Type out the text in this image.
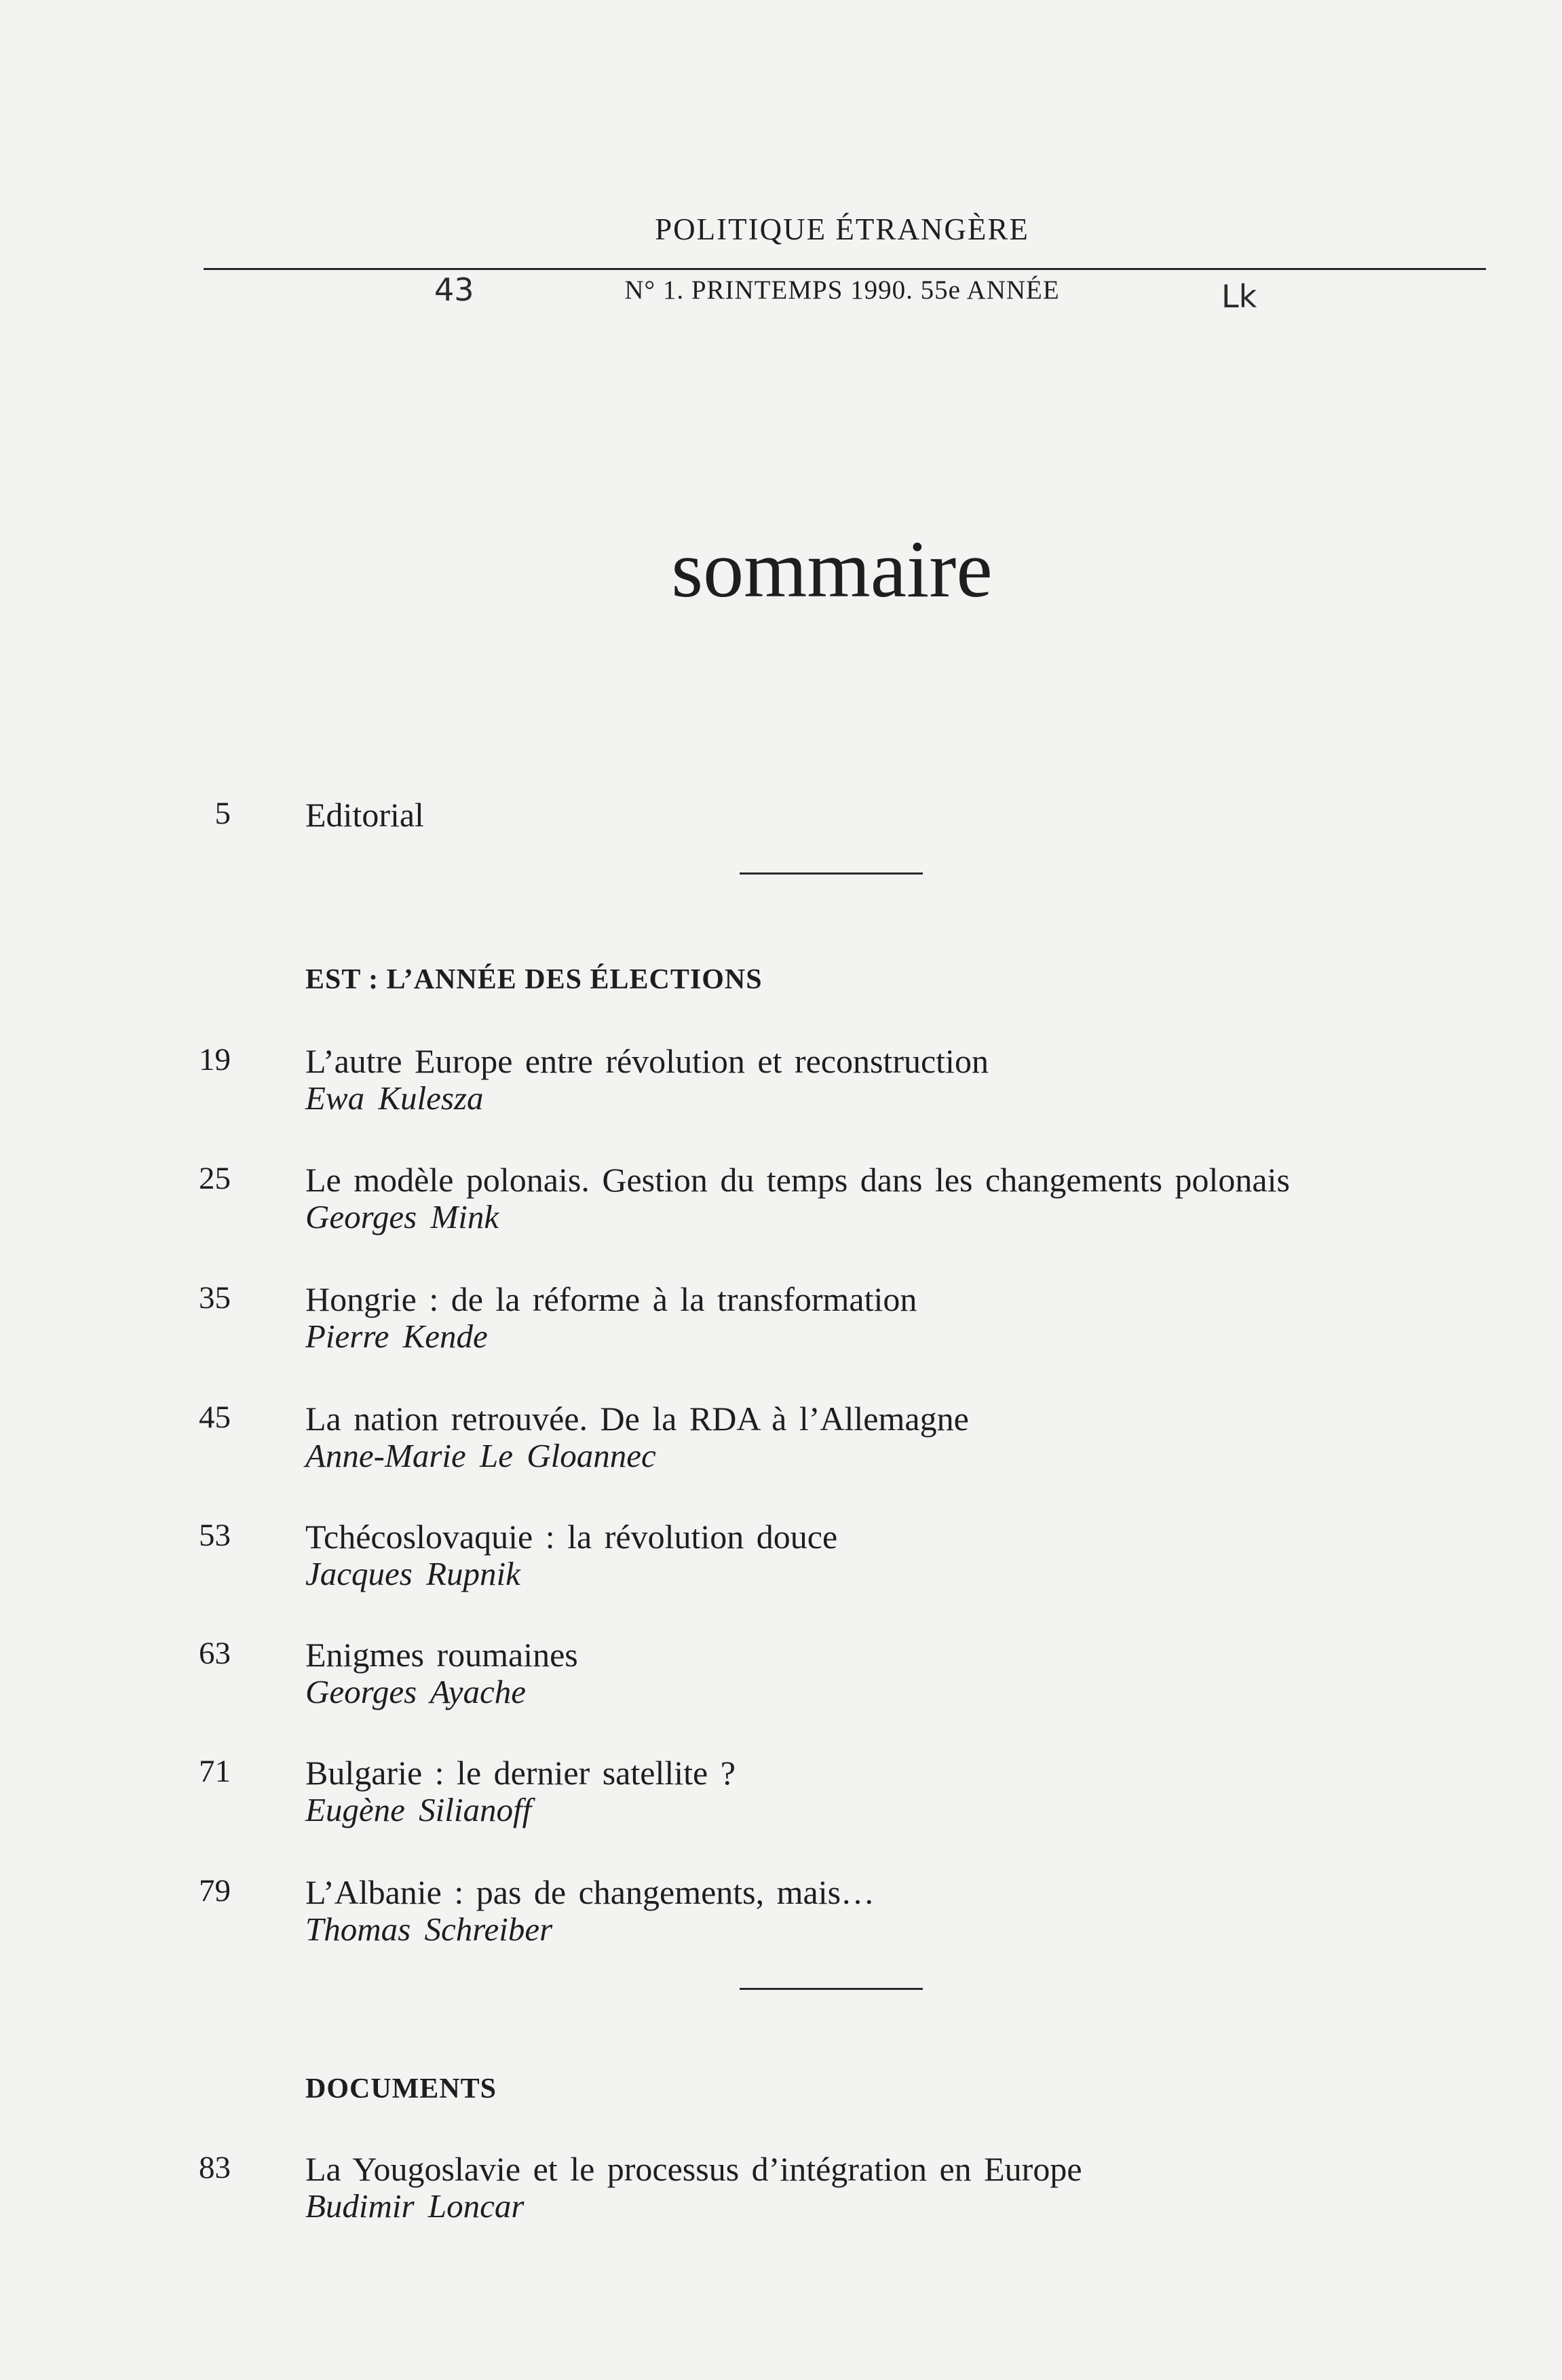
POLITIQUE ÉTRANGÈRE
N° 1. PRINTEMPS 1990. 55e ANNÉE
43	Lk
sommaire
5 Editorial
EST : L’ANNÉE DES ÉLECTIONS
19 L’autre Europe entre révolution et reconstruction
Ewa Kulesza
25 Le modèle polonais. Gestion du temps dans les changements polonais
Georges Mink
35 Hongrie : de la réforme à la transformation
Pierre Kende
45 La nation retrouvée. De la RDA à l’Allemagne
Anne-Marie Le Gloannec
53 Tchécoslovaquie : la révolution douce
Jacques Rupnik
63 Enigmes roumaines
Georges Ayache
71 Bulgarie : le dernier satellite ?
Eugène Silianoff
79 L’Albanie : pas de changements, mais…
Thomas Schreiber
DOCUMENTS
83 La Yougoslavie et le processus d’intégration en Europe
Budimir Loncar
